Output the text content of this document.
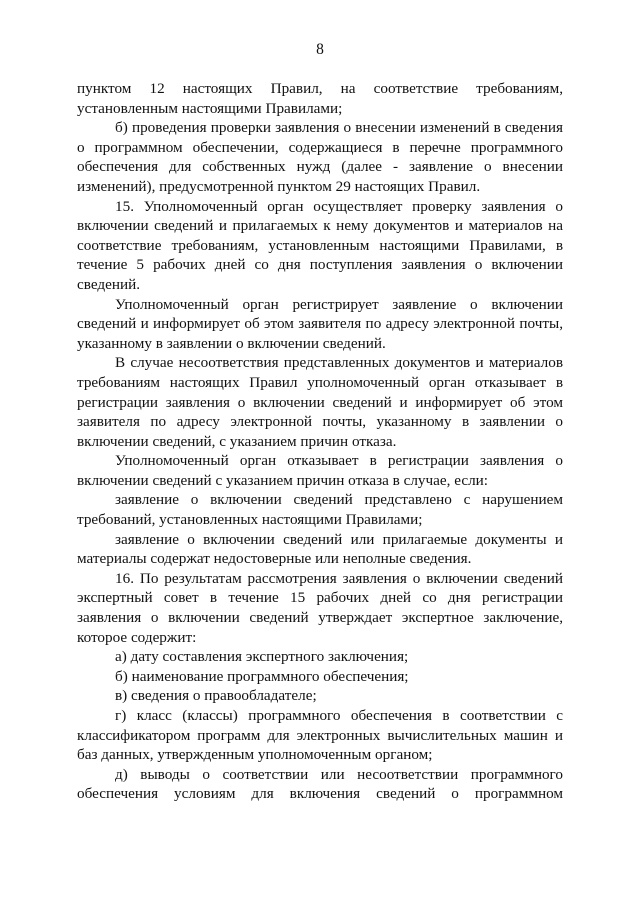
8

пунктом 12 настоящих Правил, на соответствие требованиям, установленным настоящими Правилами;

б) проведения проверки заявления о внесении изменений в сведения о программном обеспечении, содержащиеся в перечне программного обеспечения для собственных нужд (далее - заявление о внесении изменений), предусмотренной пунктом 29 настоящих Правил.

15. Уполномоченный орган осуществляет проверку заявления о включении сведений и прилагаемых к нему документов и материалов на соответствие требованиям, установленным настоящими Правилами, в течение 5 рабочих дней со дня поступления заявления о включении сведений.

Уполномоченный орган регистрирует заявление о включении сведений и информирует об этом заявителя по адресу электронной почты, указанному в заявлении о включении сведений.

В случае несоответствия представленных документов и материалов требованиям настоящих Правил уполномоченный орган отказывает в регистрации заявления о включении сведений и информирует об этом заявителя по адресу электронной почты, указанному в заявлении о включении сведений, с указанием причин отказа.

Уполномоченный орган отказывает в регистрации заявления о включении сведений с указанием причин отказа в случае, если:

заявление о включении сведений представлено с нарушением требований, установленных настоящими Правилами;

заявление о включении сведений или прилагаемые документы и материалы содержат недостоверные или неполные сведения.

16. По результатам рассмотрения заявления о включении сведений экспертный совет в течение 15 рабочих дней со дня регистрации заявления о включении сведений утверждает экспертное заключение, которое содержит:

а) дату составления экспертного заключения;

б) наименование программного обеспечения;

в) сведения о правообладателе;

г) класс (классы) программного обеспечения в соответствии с классификатором программ для электронных вычислительных машин и баз данных, утвержденным уполномоченным органом;

д) выводы о соответствии или несоответствии программного обеспечения условиям для включения сведений о программном
